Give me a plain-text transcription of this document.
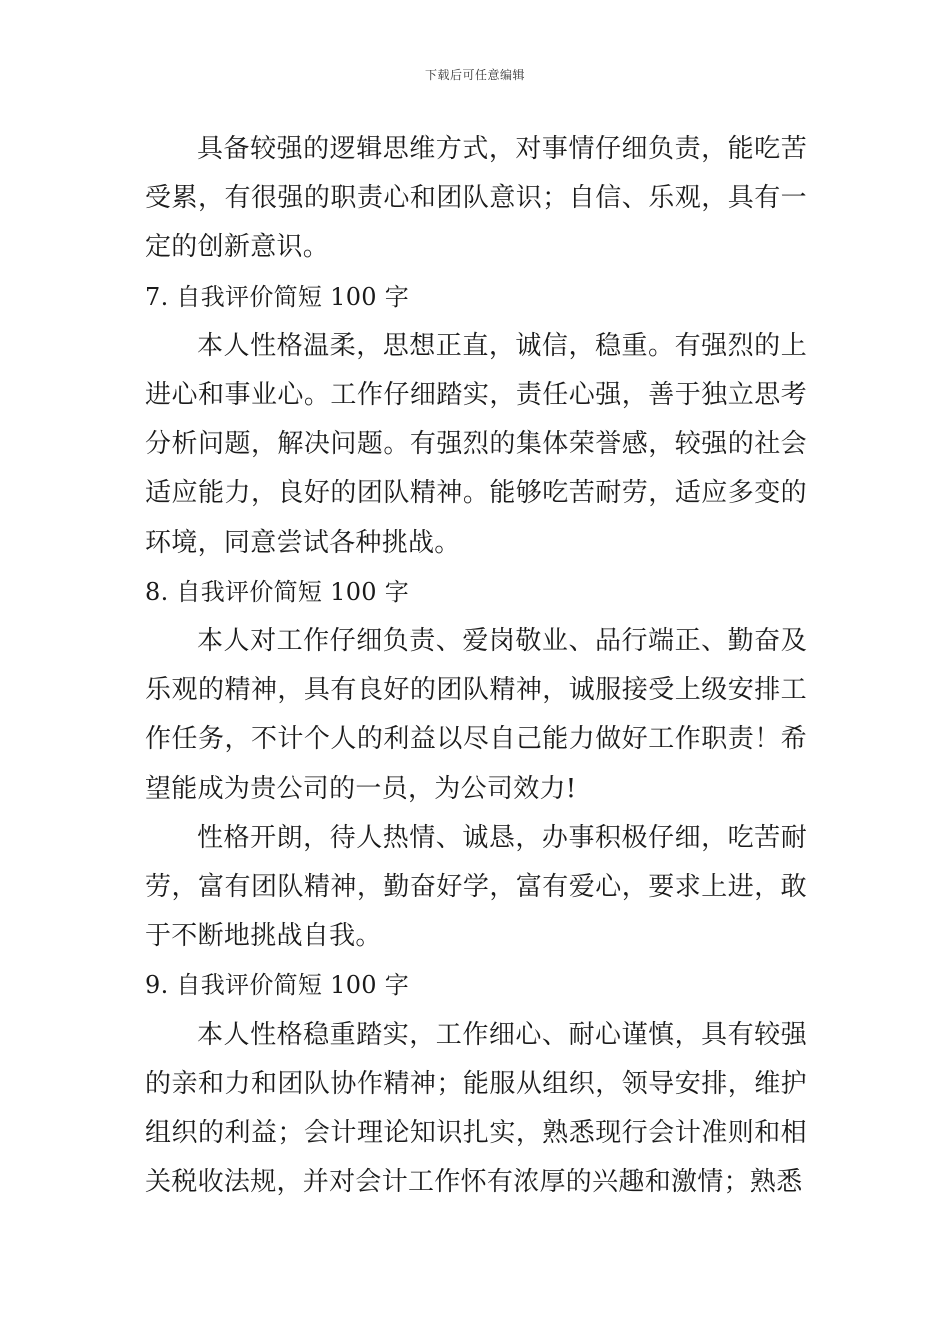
下载后可任意编辑

具备较强的逻辑思维方式，对事情仔细负责，能吃苦受累，有很强的职责心和团队意识；自信、乐观，具有一定的创新意识。

7. 自我评价简短 100 字

本人性格温柔，思想正直，诚信，稳重。有强烈的上进心和事业心。工作仔细踏实，责任心强，善于独立思考分析问题，解决问题。有强烈的集体荣誉感，较强的社会适应能力，良好的团队精神。能够吃苦耐劳，适应多变的环境，同意尝试各种挑战。

8. 自我评价简短 100 字

本人对工作仔细负责、爱岗敬业、品行端正、勤奋及乐观的精神，具有良好的团队精神，诚服接受上级安排工作任务，不计个人的利益以尽自己能力做好工作职责！希望能成为贵公司的一员，为公司效力!

性格开朗，待人热情、诚恳，办事积极仔细，吃苦耐劳，富有团队精神，勤奋好学，富有爱心，要求上进，敢于不断地挑战自我。

9. 自我评价简短 100 字

本人性格稳重踏实，工作细心、耐心谨慎，具有较强的亲和力和团队协作精神；能服从组织，领导安排，维护组织的利益；会计理论知识扎实，熟悉现行会计准则和相关税收法规，并对会计工作怀有浓厚的兴趣和激情；熟悉
